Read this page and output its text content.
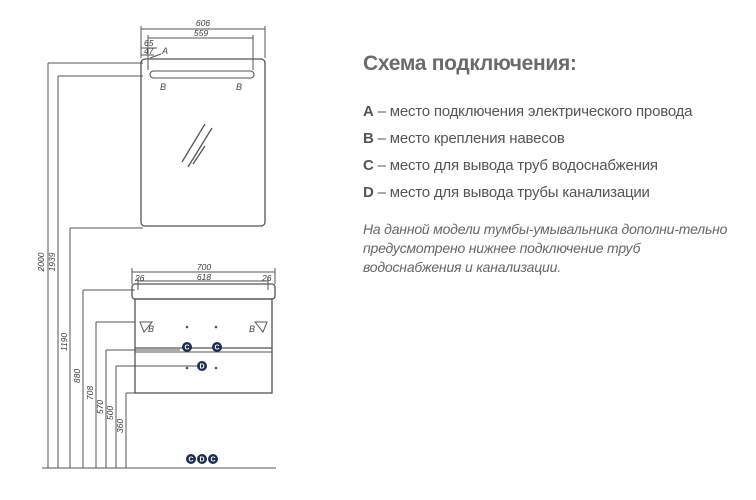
606
559
65
47 A
B	B
700
618
26	26
B	B
2000 1939
1190
880
708
570 500
360
C	C
D
C D C
Схема подключения:
A – место подключения электрического провода
B – место крепления навесов
C – место для вывода труб водоснабжения
D – место для вывода трубы канализации

На данной модели тумбы-умывальника дополни-тельно предусмотрено нижнее подключение труб водоснабжения и канализации.
